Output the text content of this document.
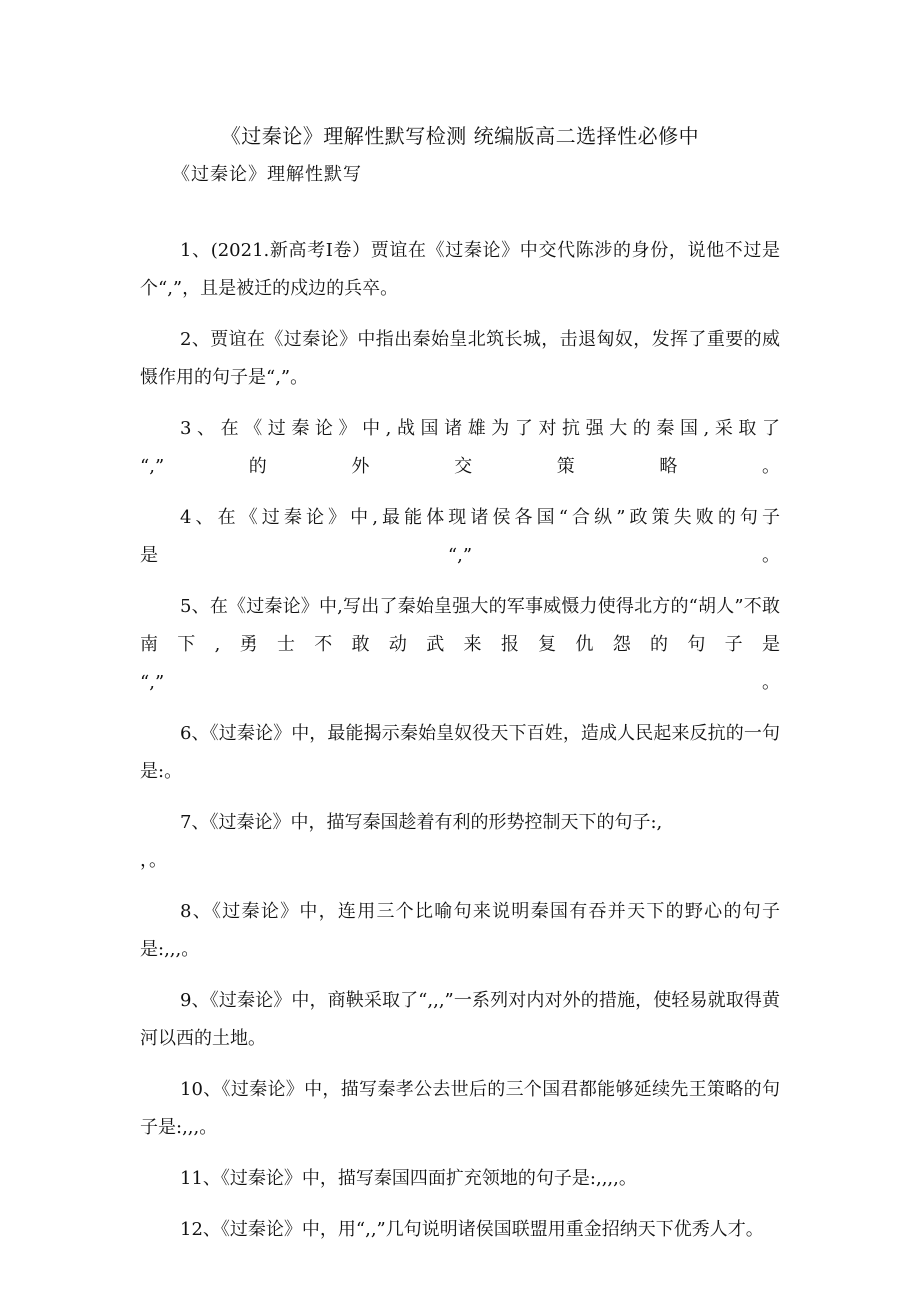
《过秦论》理解性默写检测 统编版高二选择性必修中
《过秦论》理解性默写

1、(2021.新高考Ⅰ卷）贾谊在《过秦论》中交代陈涉的身份，说他不过是个“,”，且是被迁的戍边的兵卒。

2、贾谊在《过秦论》中指出秦始皇北筑长城，击退匈奴，发挥了重要的威慑作用的句子是“,”。

3、在《过秦论》中,战国诸雄为了对抗强大的秦国,采取了
“,”的外交策略。

4、在《过秦论》中,最能体现诸侯各国“合纵”政策失败的句子
是“,”。

5、在《过秦论》中,写出了秦始皇强大的军事威慑力使得北方的“胡人”不敢南下,勇士不敢动武来报复仇怨的句子是
“,”。

6、《过秦论》中，最能揭示秦始皇奴役天下百姓，造成人民起来反抗的一句是:。

7、《过秦论》中，描写秦国趁着有利的形势控制天下的句子:,
，。

8、《过秦论》中，连用三个比喻句来说明秦国有吞并天下的野心的句子是:,,,。

9、《过秦论》中，商鞅采取了“,,,”一系列对内对外的措施，使轻易就取得黄河以西的土地。

10、《过秦论》中，描写秦孝公去世后的三个国君都能够延续先王策略的句子是:,,,。

11、《过秦论》中，描写秦国四面扩充领地的句子是:,,,,。

12、《过秦论》中，用“,,”几句说明诸侯国联盟用重金招纳天下优秀人才。
